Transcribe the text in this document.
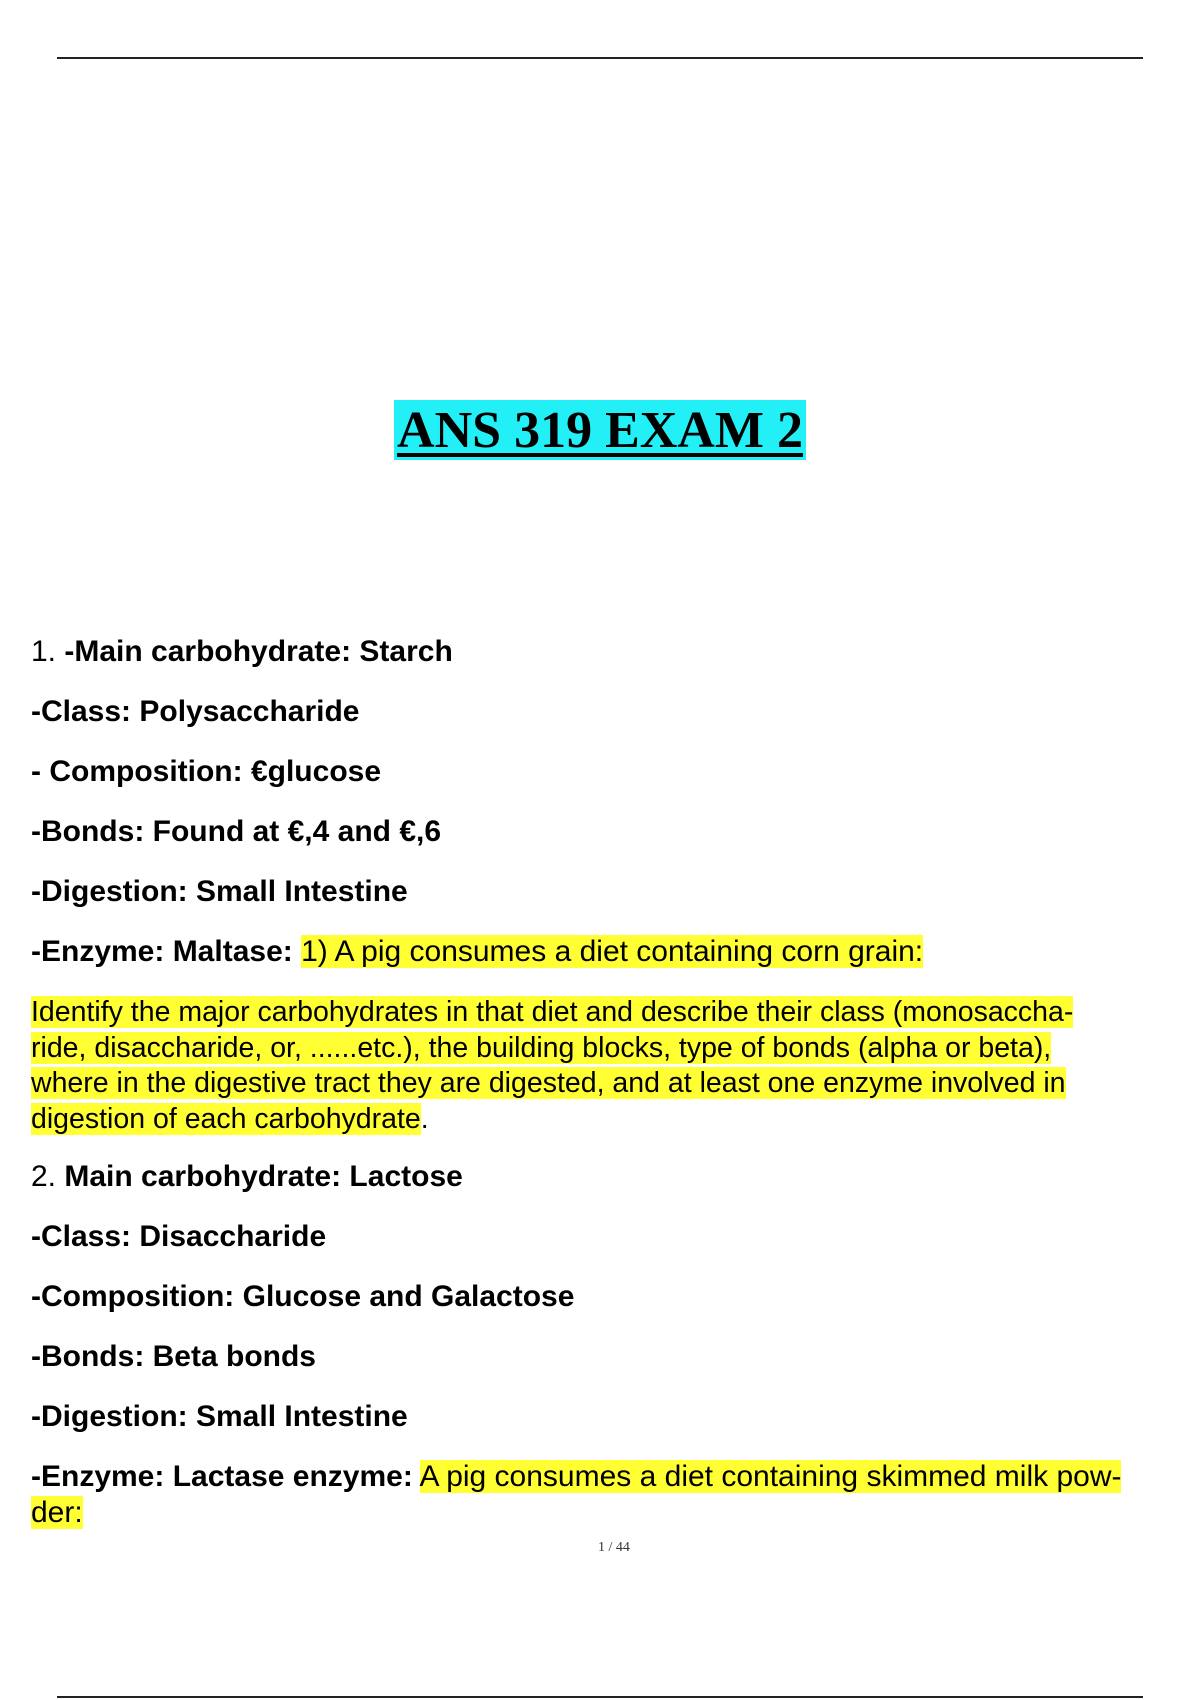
ANS 319 EXAM 2
1. -Main carbohydrate: Starch
-Class: Polysaccharide
- Composition: €glucose
-Bonds: Found at €,4 and €,6
-Digestion: Small Intestine
-Enzyme: Maltase: 1) A pig consumes a diet containing corn grain:
Identify the major carbohydrates in that diet and describe their class (monosaccha-
ride, disaccharide, or, ......etc.), the building blocks, type of bonds (alpha or beta),
where in the digestive tract they are digested, and at least one enzyme involved in
digestion of each carbohydrate.
2. Main carbohydrate: Lactose
-Class: Disaccharide
-Composition: Glucose and Galactose
-Bonds: Beta bonds
-Digestion: Small Intestine
-Enzyme: Lactase enzyme: A pig consumes a diet containing skimmed milk pow-
der:
1 / 44
